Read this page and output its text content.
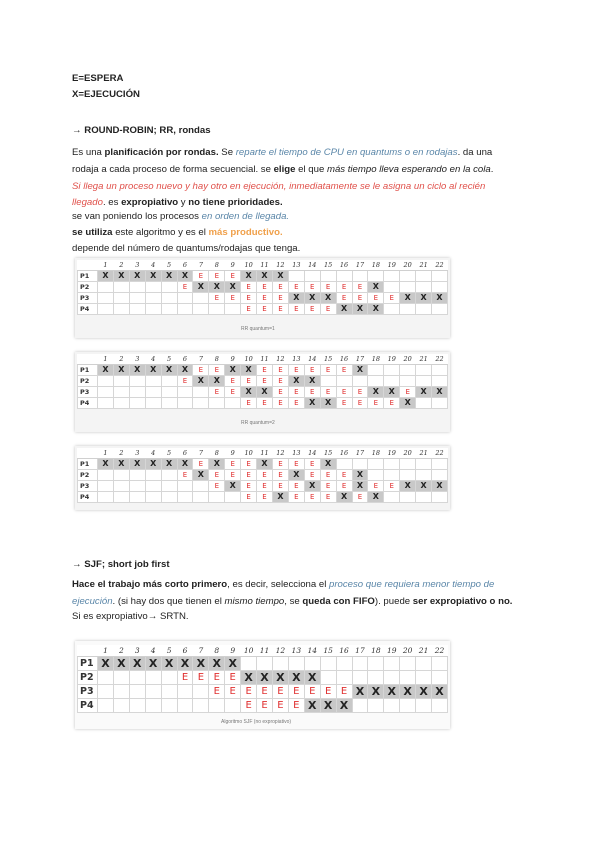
E=ESPERA
X=EJECUCIÓN
→ ROUND-ROBIN; RR, rondas
Es una planificación por rondas. Se reparte el tiempo de CPU en quantums o en rodajas. da una
rodaja a cada proceso de forma secuencial. se elige el que más tiempo lleva esperando en la cola.
Si llega un proceso nuevo y hay otro en ejecución, inmediatamente se le asigna un ciclo al recién
llegado. es expropiativo y no tiene prioridades.
se van poniendo los procesos en orden de llegada.
se utiliza este algoritmo y es el más productivo.
depende del número de quantums/rodajas que tenga.
	1	2	3	4	5	6	7	8	9	10	11	12	13	14	15	16	17	18	19	20	21	22
P1	X	X	X	X	X	X	E	E	E	X	X	X										
P2						E	X	X	X	E	E	E	E	E	E	E	E	X				
P3								E	E	E	E	E	X	X	X	E	E	E	E	X	X	X
P4										E	E	E	E	E	E	X	X	X				
RR quantum=1
	1	2	3	4	5	6	7	8	9	10	11	12	13	14	15	16	17	18	19	20	21	22
P1	X	X	X	X	X	X	E	E	X	X	E	E	E	E	E	E	X					
P2						E	X	X	E	E	E	E	X	X								
P3								E	E	X	X	E	E	E	E	E	E	X	X	E	X	X
P4										E	E	E	E	X	X	E	E	E	E	X		
RR quantum=2
	1	2	3	4	5	6	7	8	9	10	11	12	13	14	15	16	17	18	19	20	21	22
P1	X	X	X	X	X	X	E	X	E	E	X	E	E	E	X							
P2						E	X	E	E	E	E	E	X	E	E	E	X					
P3								E	X	E	E	E	E	X	E	E	X	E	E	X	X	X
P4										E	E	X	E	E	E	X	E	X				
→ SJF; short job first
Hace el trabajo más corto primero, es decir, selecciona el proceso que requiera menor tiempo de
ejecución. (si hay dos que tienen el mismo tiempo, se queda con FIFO). puede ser expropiativo o no.
Si es expropiativo→ SRTN.
	1	2	3	4	5	6	7	8	9	10	11	12	13	14	15	16	17	18	19	20	21	22
P1	X	X	X	X	X	X	X	X	X													
P2						E	E	E	E	X	X	X	X	X								
P3								E	E	E	E	E	E	E	E	E	X	X	X	X	X	X
P4										E	E	E	E	X	X	X						
Algoritmo SJF (no expropiativo)
